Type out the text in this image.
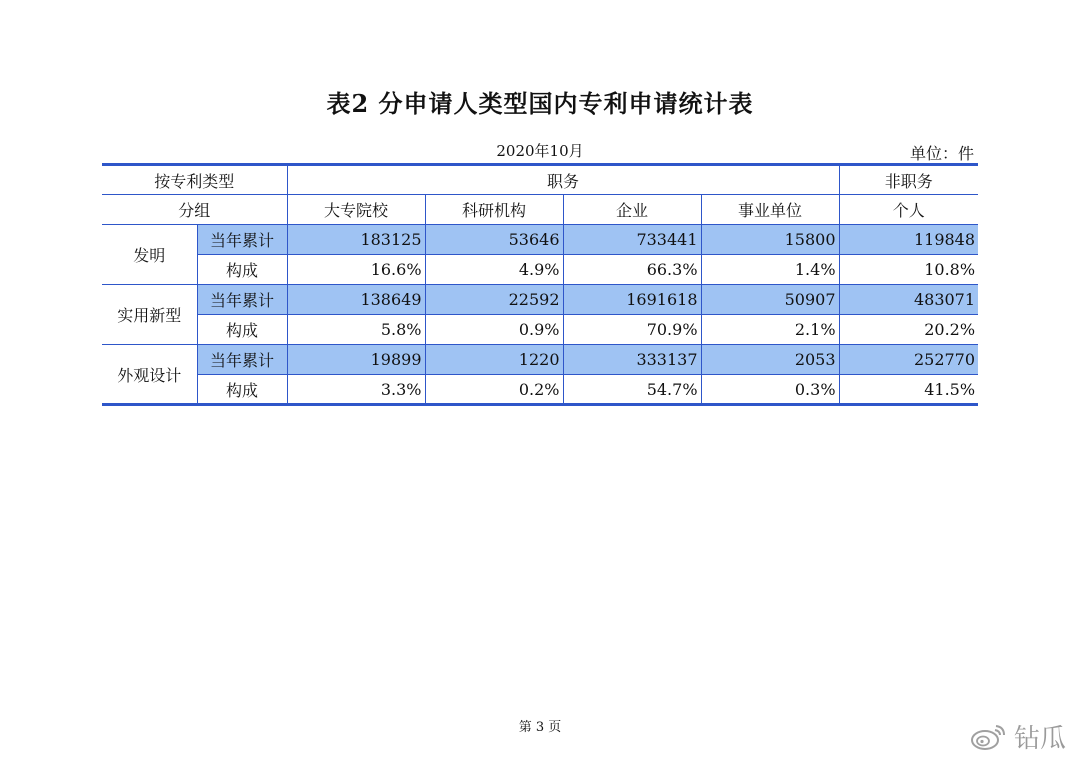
表2 分申请人类型国内专利申请统计表
2020年10月	单位：件
按专利类型		职务				非职务
分组		大专院校	科研机构	企业	事业单位	个人
发明	当年累计	183125	53646	733441	15800	119848
	构成	16.6%	4.9%	66.3%	1.4%	10.8%
实用新型	当年累计	138649	22592	1691618	50907	483071
	构成	5.8%	0.9%	70.9%	2.1%	20.2%
外观设计	当年累计	19899	1220	333137	2053	252770
	构成	3.3%	0.2%	54.7%	0.3%	41.5%
第 3 页	钻瓜
